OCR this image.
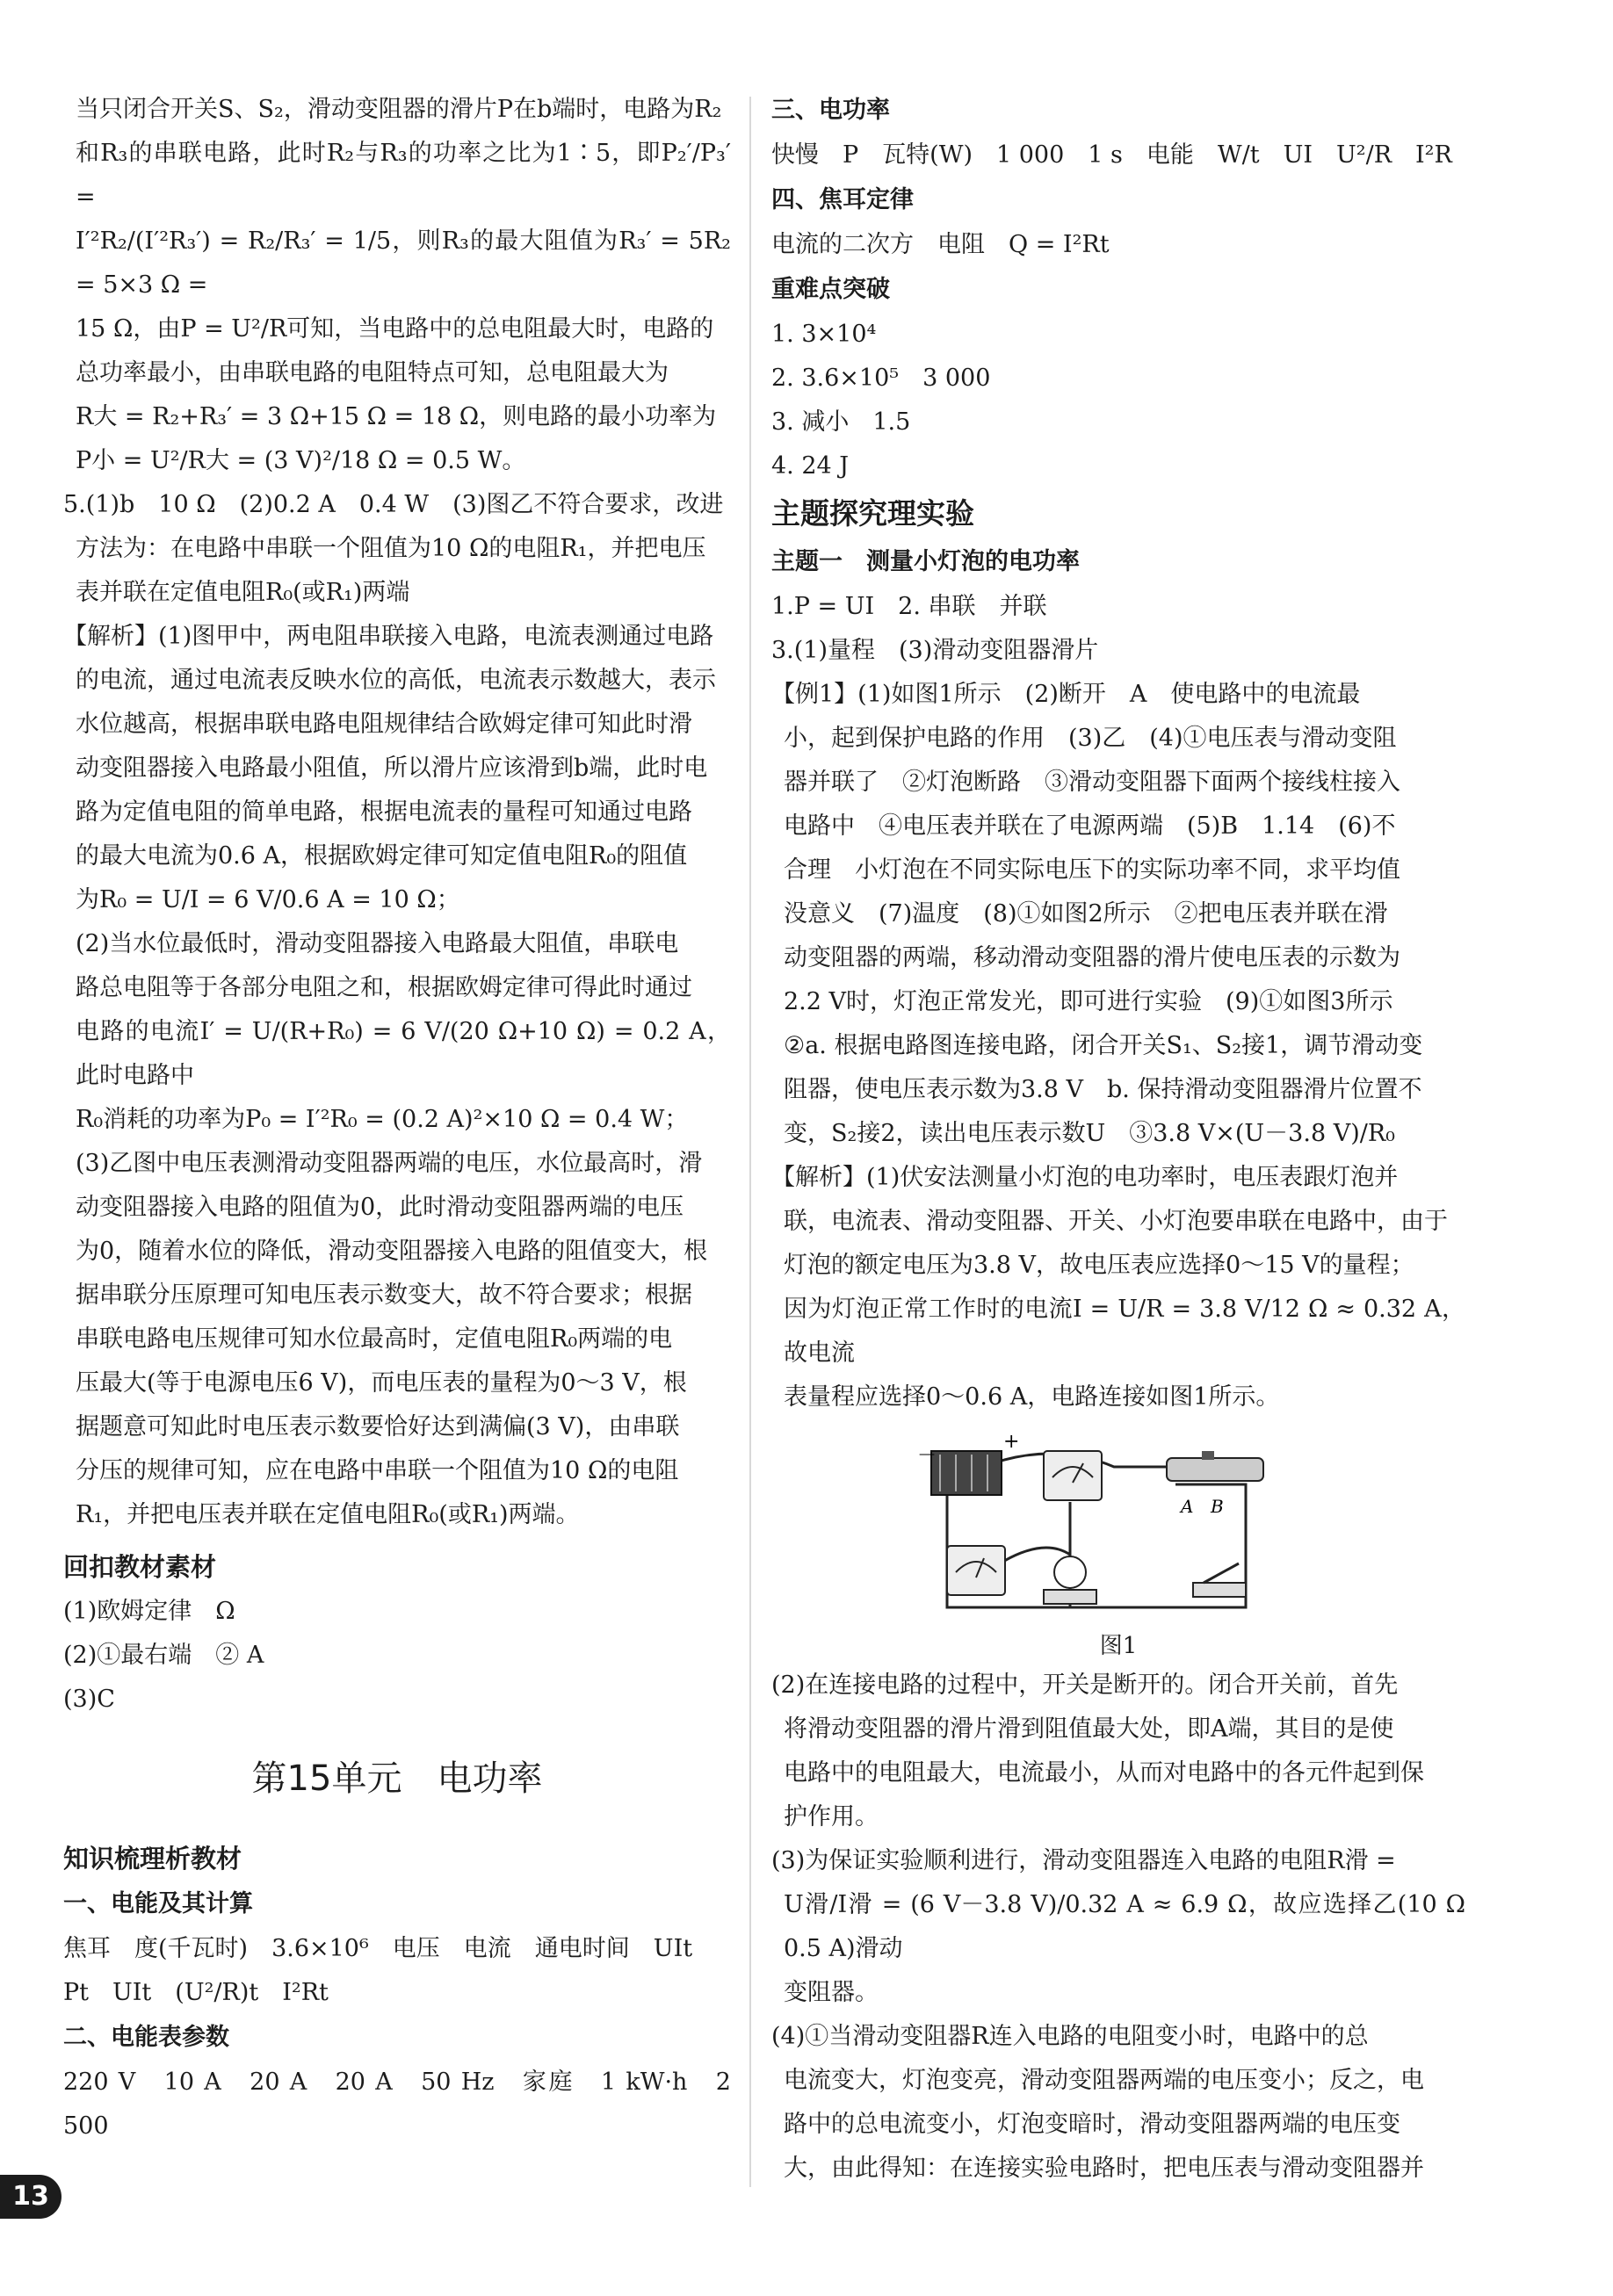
当只闭合开关S、S₂，滑动变阻器的滑片P在b端时，电路为R₂

和R₃的串联电路，此时R₂与R₃的功率之比为1∶5，即P₂′/P₃′ =

I′²R₂/(I′²R₃′) = R₂/R₃′ = 1/5，则R₃的最大阻值为R₃′ = 5R₂ = 5×3 Ω =

15 Ω，由P = U²/R可知，当电路中的总电阻最大时，电路的

总功率最小，由串联电路的电阻特点可知，总电阻最大为

R大 = R₂+R₃′ = 3 Ω+15 Ω = 18 Ω，则电路的最小功率为

P小 = U²/R大 = (3 V)²/18 Ω = 0.5 W。

5.(1)b　10 Ω　(2)0.2 A　0.4 W　(3)图乙不符合要求，改进

方法为：在电路中串联一个阻值为10 Ω的电阻R₁，并把电压

表并联在定值电阻R₀(或R₁)两端

【解析】(1)图甲中，两电阻串联接入电路，电流表测通过电路

的电流，通过电流表反映水位的高低，电流表示数越大，表示

水位越高，根据串联电路电阻规律结合欧姆定律可知此时滑

动变阻器接入电路最小阻值，所以滑片应该滑到b端，此时电

路为定值电阻的简单电路，根据电流表的量程可知通过电路

的最大电流为0.6 A，根据欧姆定律可知定值电阻R₀的阻值

为R₀ = U/I = 6 V/0.6 A = 10 Ω；

(2)当水位最低时，滑动变阻器接入电路最大阻值，串联电

路总电阻等于各部分电阻之和，根据欧姆定律可得此时通过

电路的电流I′ = U/(R+R₀) = 6 V/(20 Ω+10 Ω) = 0.2 A，此时电路中

R₀消耗的功率为P₀ = I′²R₀ = (0.2 A)²×10 Ω = 0.4 W；

(3)乙图中电压表测滑动变阻器两端的电压，水位最高时，滑

动变阻器接入电路的阻值为0，此时滑动变阻器两端的电压

为0，随着水位的降低，滑动变阻器接入电路的阻值变大，根

据串联分压原理可知电压表示数变大，故不符合要求；根据

串联电路电压规律可知水位最高时，定值电阻R₀两端的电

压最大(等于电源电压6 V)，而电压表的量程为0～3 V，根

据题意可知此时电压表示数要恰好达到满偏(3 V)，由串联

分压的规律可知，应在电路中串联一个阻值为10 Ω的电阻

R₁，并把电压表并联在定值电阻R₀(或R₁)两端。

回扣教材素材

(1)欧姆定律　Ω

(2)①最右端　② A

(3)C

第15单元　电功率

知识梳理析教材

一、电能及其计算

焦耳　度(千瓦时)　3.6×10⁶　电压　电流　通电时间　UIt

Pt　UIt　(U²/R)t　I²Rt

二、电能表参数

220 V　10 A　20 A　20 A　50 Hz　家庭　1 kW·h　2 500

三、电功率

快慢　P　瓦特(W)　1 000　1 s　电能　W/t　UI　U²/R　I²R

四、焦耳定律

电流的二次方　电阻　Q = I²Rt

重难点突破

1. 3×10⁴

2. 3.6×10⁵　3 000

3. 减小　1.5

4. 24 J

主题探究理实验

主题一　测量小灯泡的电功率

1.P = UI　2. 串联　并联

3.(1)量程　(3)滑动变阻器滑片

【例1】(1)如图1所示　(2)断开　A　使电路中的电流最

小，起到保护电路的作用　(3)乙　(4)①电压表与滑动变阻

器并联了　②灯泡断路　③滑动变阻器下面两个接线柱接入

电路中　④电压表并联在了电源两端　(5)B　1.14　(6)不

合理　小灯泡在不同实际电压下的实际功率不同，求平均值

没意义　(7)温度　(8)①如图2所示　②把电压表并联在滑

动变阻器的两端，移动滑动变阻器的滑片使电压表的示数为

2.2 V时，灯泡正常发光，即可进行实验　(9)①如图3所示

②a. 根据电路图连接电路，闭合开关S₁、S₂接1，调节滑动变

阻器，使电压表示数为3.8 V　b. 保持滑动变阻器滑片位置不

变，S₂接2，读出电压表示数U　③3.8 V×(U－3.8 V)/R₀

【解析】(1)伏安法测量小灯泡的电功率时，电压表跟灯泡并

联，电流表、滑动变阻器、开关、小灯泡要串联在电路中，由于

灯泡的额定电压为3.8 V，故电压表应选择0～15 V的量程；

因为灯泡正常工作时的电流I = U/R = 3.8 V/12 Ω ≈ 0.32 A，故电流

表量程应选择0～0.6 A，电路连接如图1所示。

－
+
A B
图1

(2)在连接电路的过程中，开关是断开的。闭合开关前，首先

将滑动变阻器的滑片滑到阻值最大处，即A端，其目的是使

电路中的电阻最大，电流最小，从而对电路中的各元件起到保

护作用。

(3)为保证实验顺利进行，滑动变阻器连入电路的电阻R滑 =

U滑/I滑 = (6 V－3.8 V)/0.32 A ≈ 6.9 Ω，故应选择乙(10 Ω　0.5 A)滑动

变阻器。

(4)①当滑动变阻器R连入电路的电阻变小时，电路中的总

电流变大，灯泡变亮，滑动变阻器两端的电压变小；反之，电

路中的总电流变小，灯泡变暗时，滑动变阻器两端的电压变

大，由此得知：在连接实验电路时，把电压表与滑动变阻器并

13
